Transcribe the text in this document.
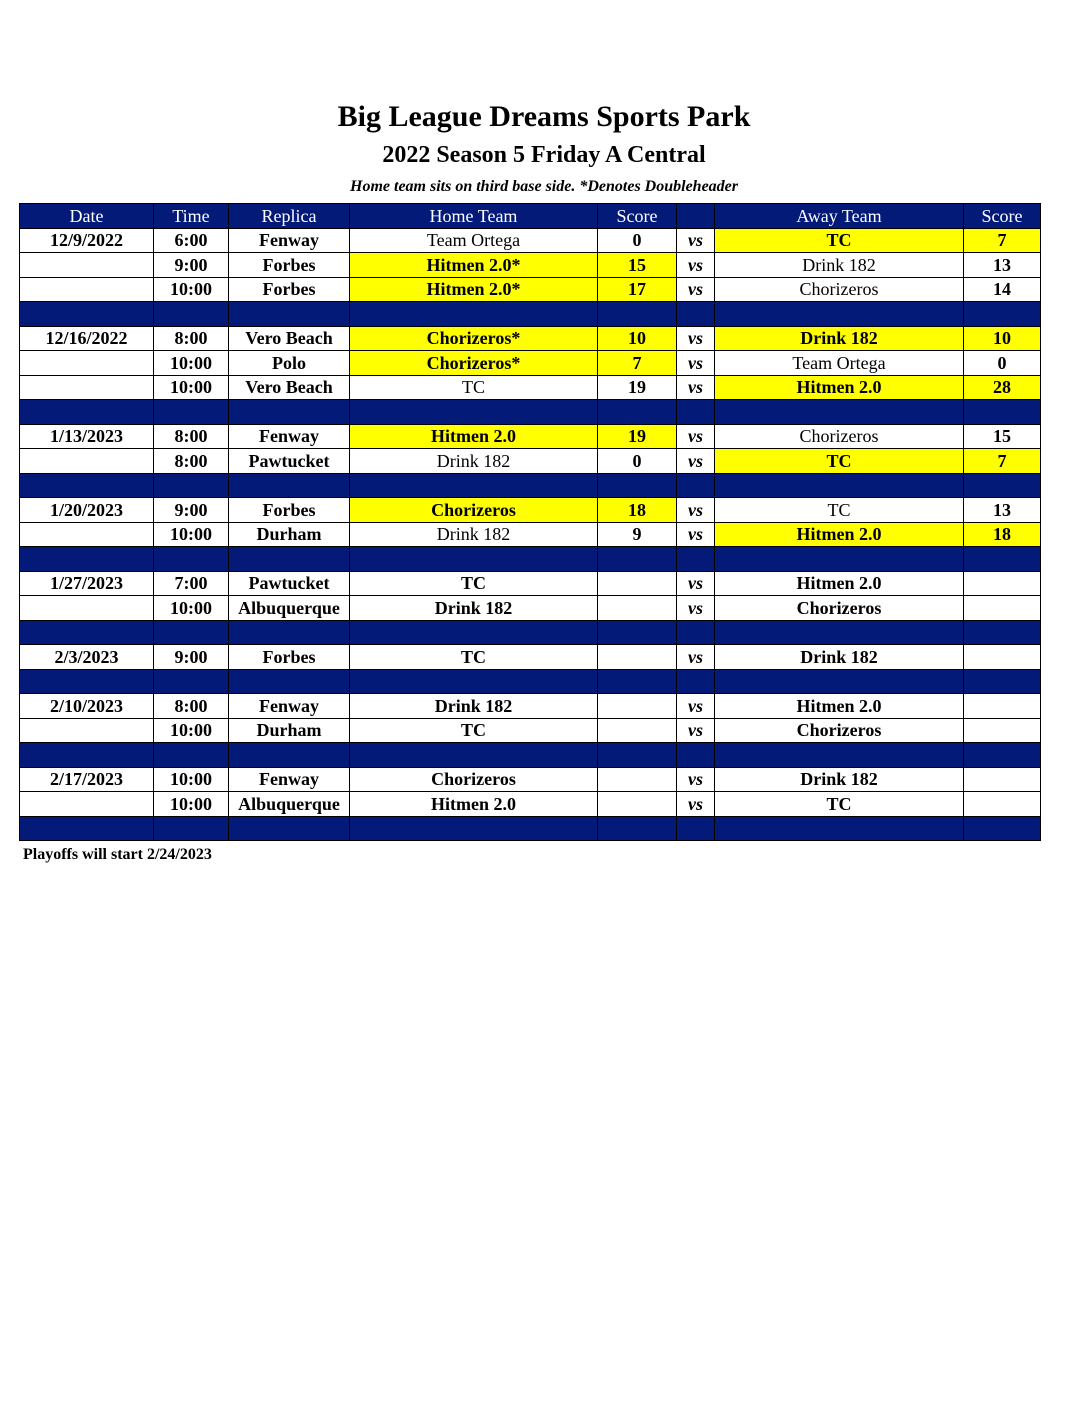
Big League Dreams Sports Park
2022 Season 5 Friday A Central
Home team sits on third base side. *Denotes Doubleheader
Date	Time	Replica	Home Team	Score		Away Team	Score
12/9/2022	6:00	Fenway	Team Ortega	0	vs	TC	7
	9:00	Forbes	Hitmen 2.0*	15	vs	Drink 182	13
	10:00	Forbes	Hitmen 2.0*	17	vs	Chorizeros	14

12/16/2022	8:00	Vero Beach	Chorizeros*	10	vs	Drink 182	10
	10:00	Polo	Chorizeros*	7	vs	Team Ortega	0
	10:00	Vero Beach	TC	19	vs	Hitmen 2.0	28

1/13/2023	8:00	Fenway	Hitmen 2.0	19	vs	Chorizeros	15
	8:00	Pawtucket	Drink 182	0	vs	TC	7

1/20/2023	9:00	Forbes	Chorizeros	18	vs	TC	13
	10:00	Durham	Drink 182	9	vs	Hitmen 2.0	18

1/27/2023	7:00	Pawtucket	TC		vs	Hitmen 2.0	
	10:00	Albuquerque	Drink 182		vs	Chorizeros	

2/3/2023	9:00	Forbes	TC		vs	Drink 182	

2/10/2023	8:00	Fenway	Drink 182		vs	Hitmen 2.0	
	10:00	Durham	TC		vs	Chorizeros	

2/17/2023	10:00	Fenway	Chorizeros		vs	Drink 182	
	10:00	Albuquerque	Hitmen 2.0		vs	TC	

Playoffs will start 2/24/2023
